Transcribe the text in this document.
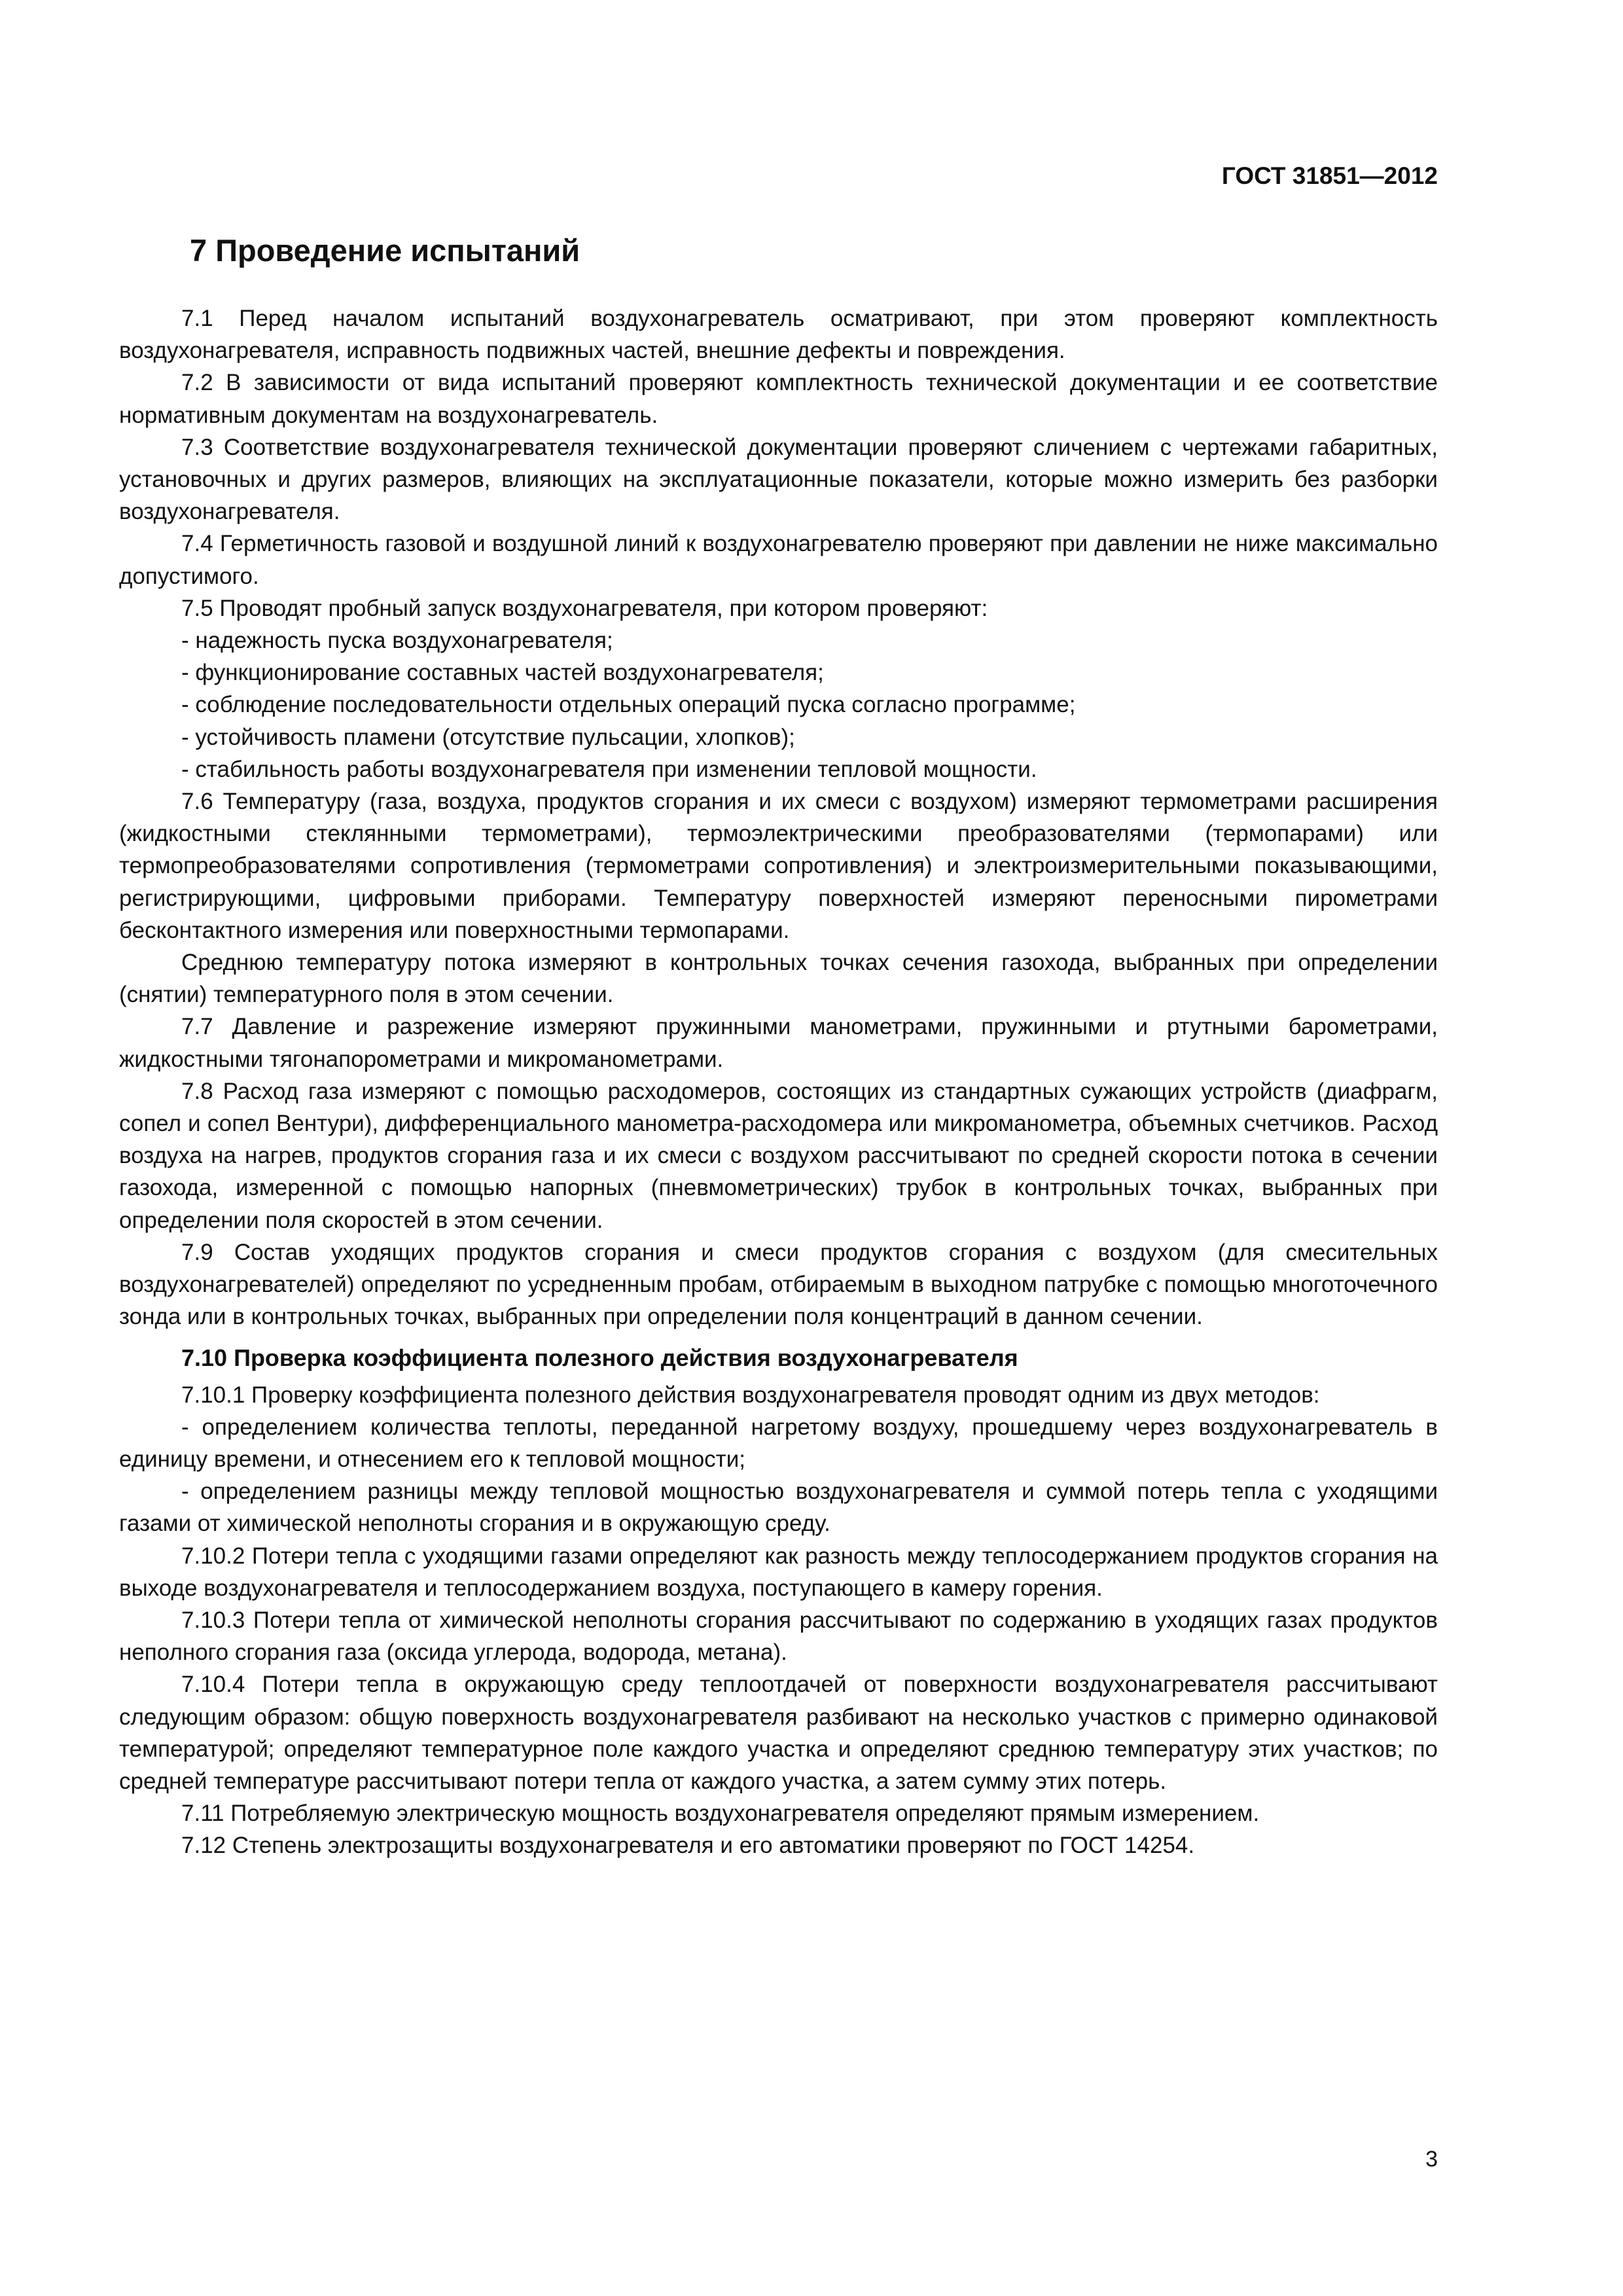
ГОСТ 31851—2012

7 Проведение испытаний

7.1 Перед началом испытаний воздухонагреватель осматривают, при этом проверяют комплектность воздухонагревателя, исправность подвижных частей, внешние дефекты и повреждения.

7.2 В зависимости от вида испытаний проверяют комплектность технической документации и ее соответствие нормативным документам на воздухонагреватель.

7.3 Соответствие воздухонагревателя технической документации проверяют сличением с чертежами габаритных, установочных и других размеров, влияющих на эксплуатационные показатели, которые можно измерить без разборки воздухонагревателя.

7.4 Герметичность газовой и воздушной линий к воздухонагревателю проверяют при давлении не ниже максимально допустимого.

7.5 Проводят пробный запуск воздухонагревателя, при котором проверяют:

- надежность пуска воздухонагревателя;

- функционирование составных частей воздухонагревателя;

- соблюдение последовательности отдельных операций пуска согласно программе;

- устойчивость пламени (отсутствие пульсации, хлопков);

- стабильность работы воздухонагревателя при изменении тепловой мощности.

7.6 Температуру (газа, воздуха, продуктов сгорания и их смеси с воздухом) измеряют термометрами расширения (жидкостными стеклянными термометрами), термоэлектрическими преобразователями (термопарами) или термопреобразователями сопротивления (термометрами сопротивления) и электроизмерительными показывающими, регистрирующими, цифровыми приборами. Температуру поверхностей измеряют переносными пирометрами бесконтактного измерения или поверхностными термопарами.

Среднюю температуру потока измеряют в контрольных точках сечения газохода, выбранных при определении (снятии) температурного поля в этом сечении.

7.7 Давление и разрежение измеряют пружинными манометрами, пружинными и ртутными барометрами, жидкостными тягонапорометрами и микроманометрами.

7.8 Расход газа измеряют с помощью расходомеров, состоящих из стандартных сужающих устройств (диафрагм, сопел и сопел Вентури), дифференциального манометра-расходомера или микроманометра, объемных счетчиков. Расход воздуха на нагрев, продуктов сгорания газа и их смеси с воздухом рассчитывают по средней скорости потока в сечении газохода, измеренной с помощью напорных (пневмометрических) трубок в контрольных точках, выбранных при определении поля скоростей в этом сечении.

7.9 Состав уходящих продуктов сгорания и смеси продуктов сгорания с воздухом (для смесительных воздухонагревателей) определяют по усредненным пробам, отбираемым в выходном патрубке с помощью многоточечного зонда или в контрольных точках, выбранных при определении поля концентраций в данном сечении.

7.10 Проверка коэффициента полезного действия воздухонагревателя

7.10.1 Проверку коэффициента полезного действия воздухонагревателя проводят одним из двух методов:

- определением количества теплоты, переданной нагретому воздуху, прошедшему через воздухонагреватель в единицу времени, и отнесением его к тепловой мощности;

- определением разницы между тепловой мощностью воздухонагревателя и суммой потерь тепла с уходящими газами от химической неполноты сгорания и в окружающую среду.

7.10.2 Потери тепла с уходящими газами определяют как разность между теплосодержанием продуктов сгорания на выходе воздухонагревателя и теплосодержанием воздуха, поступающего в камеру горения.

7.10.3 Потери тепла от химической неполноты сгорания рассчитывают по содержанию в уходящих газах продуктов неполного сгорания газа (оксида углерода, водорода, метана).

7.10.4 Потери тепла в окружающую среду теплоотдачей от поверхности воздухонагревателя рассчитывают следующим образом: общую поверхность воздухонагревателя разбивают на несколько участков с примерно одинаковой температурой; определяют температурное поле каждого участка и определяют среднюю температуру этих участков; по средней температуре рассчитывают потери тепла от каждого участка, а затем сумму этих потерь.

7.11 Потребляемую электрическую мощность воздухонагревателя определяют прямым измерением.

7.12 Степень электрозащиты воздухонагревателя и его автоматики проверяют по ГОСТ 14254.

3
